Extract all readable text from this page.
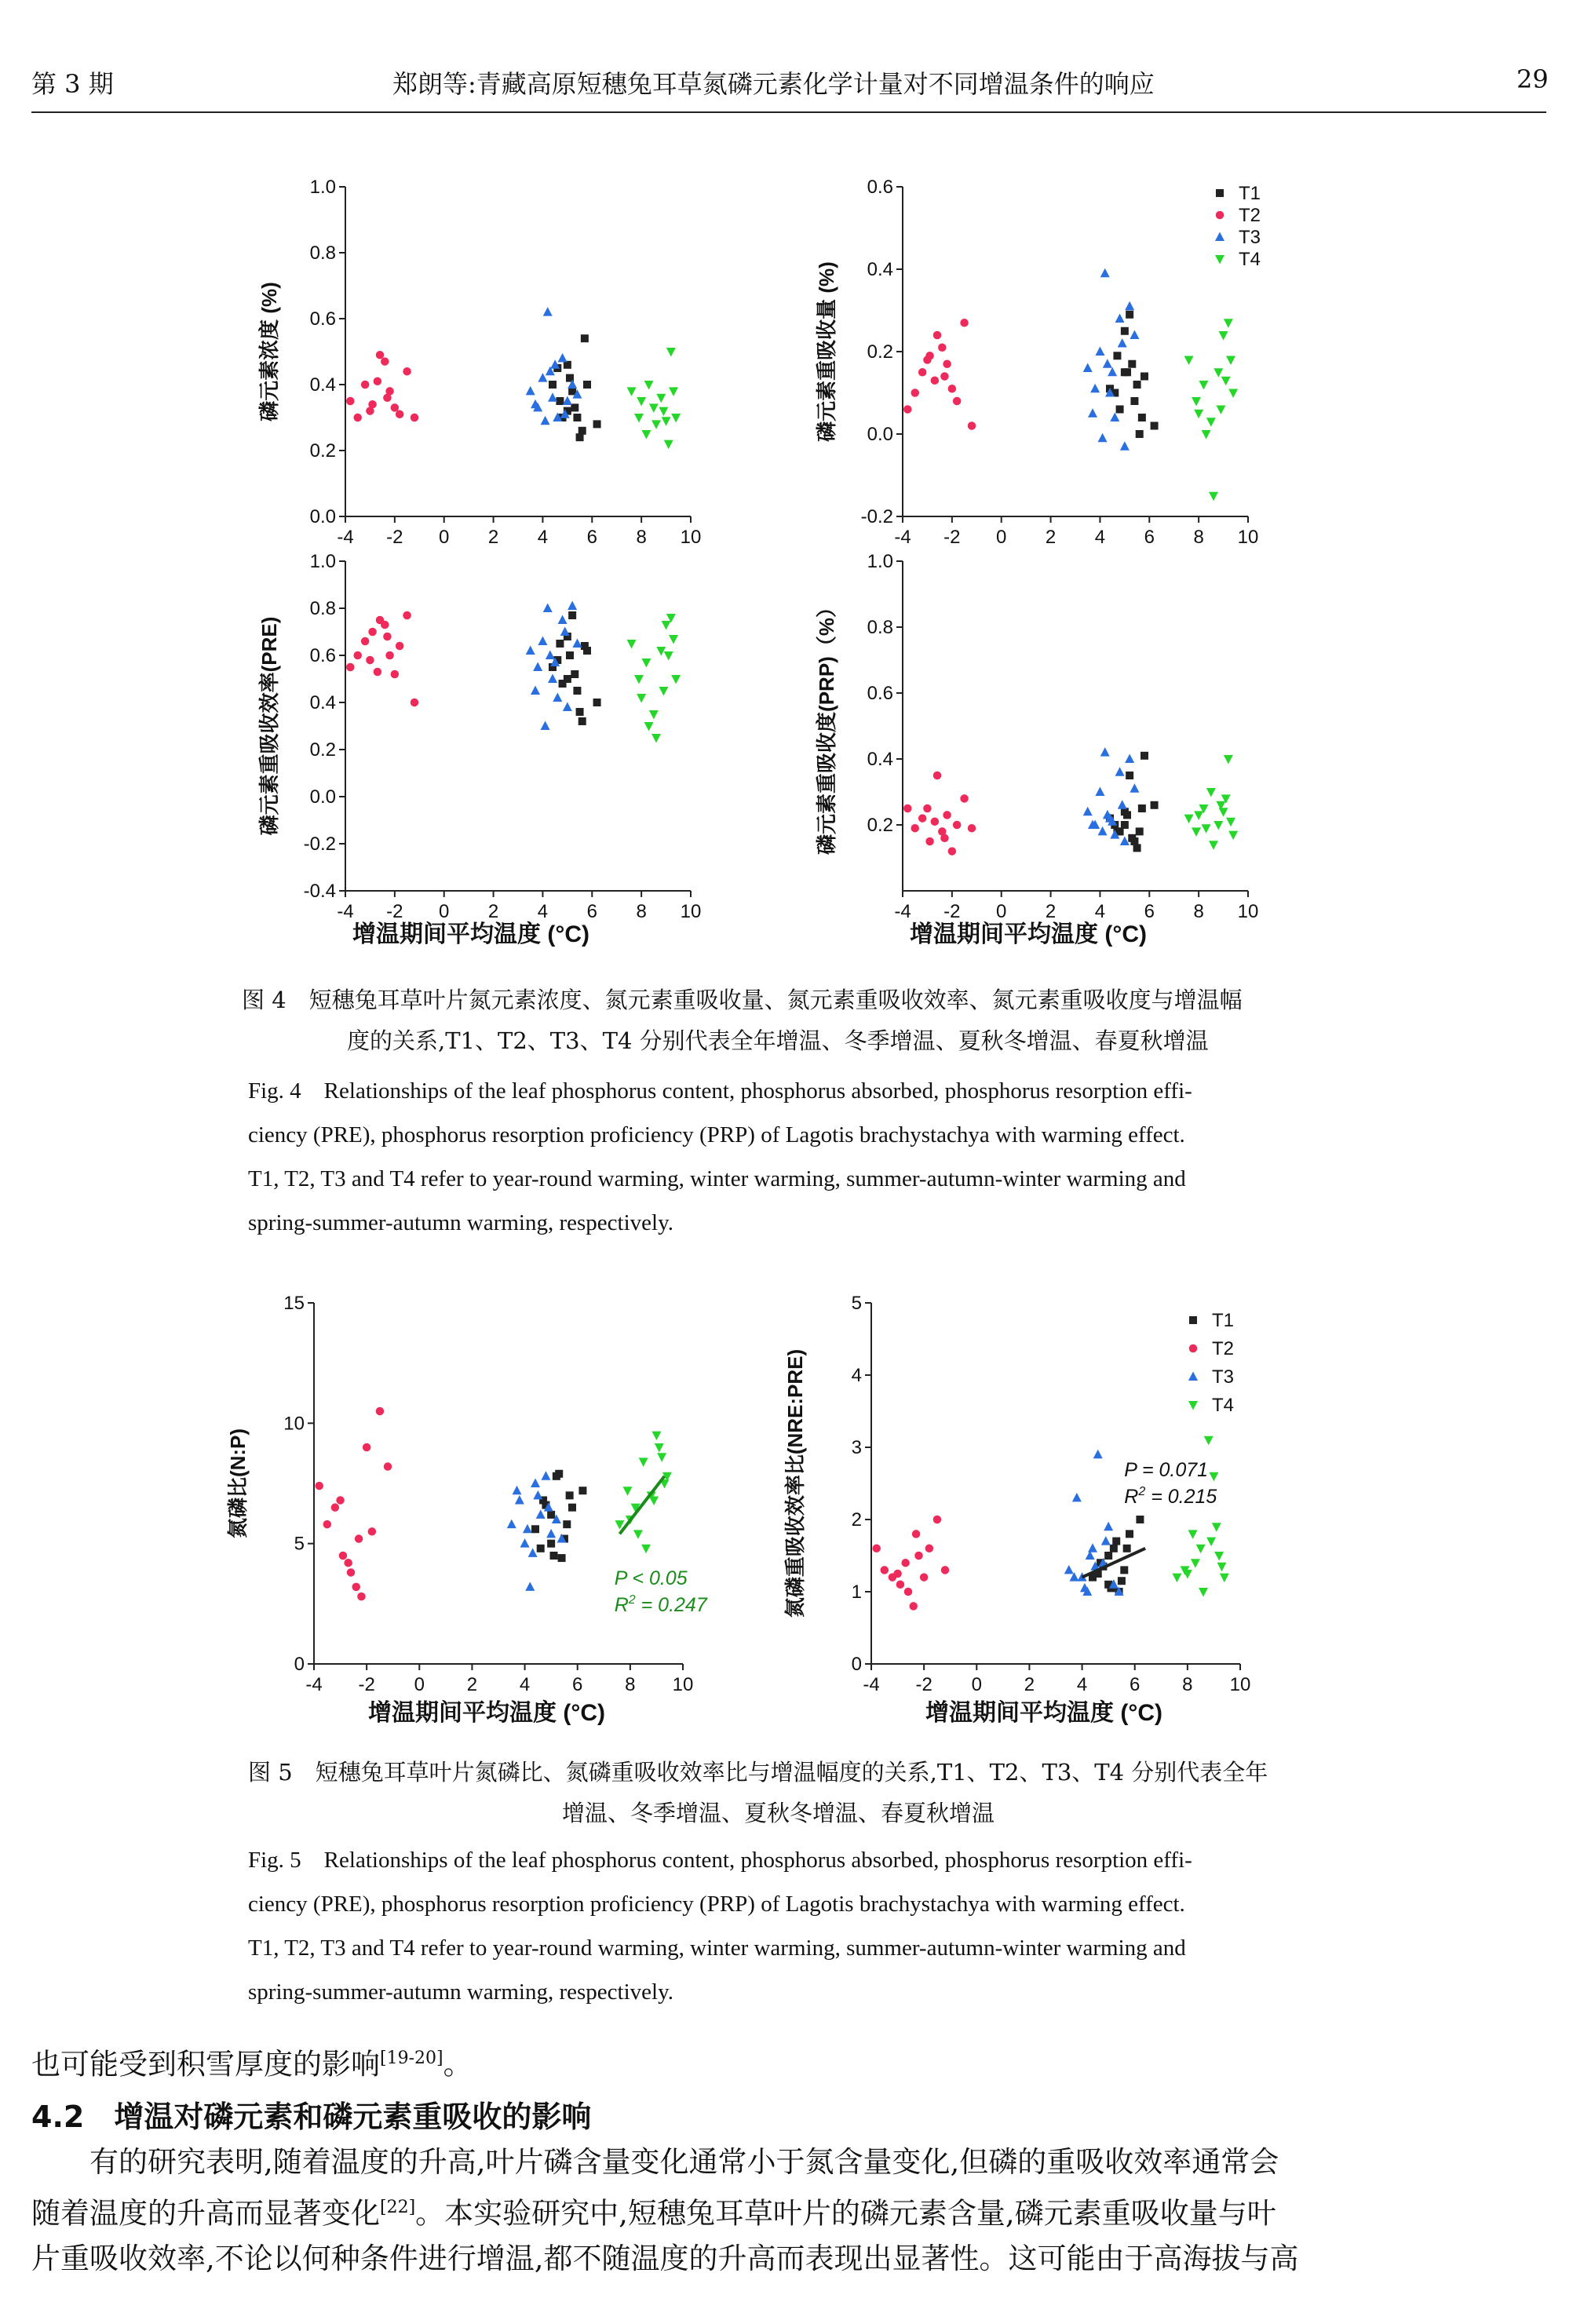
第 3 期	郑朗等:青藏高原短穗兔耳草氮磷元素化学计量对不同增温条件的响应	29
-4 -2 0 2 4 6 8 10
0.0
0.2
0.4
0.6
0.8
1.0
磷元素浓度 (%)
-4 -2 0 2 4 6 8 10
-0.2
0.0
0.2
0.4
0.6
磷元素重吸收量 (%)
-4 -2 0 2 4 6 8 10
-0.4
-0.2
0.0
0.2
0.4
0.6
0.8
1.0
磷元素重吸收效率(PRE)
-4 -2 0 2 4 6 8 10
0.2
0.4
0.6
0.8
1.0
磷元素重吸收度(PRP)（%）
T1
T2
T3
T4
增温期间平均温度 (°C)	增温期间平均温度 (°C)
图 4　短穗兔耳草叶片氮元素浓度、氮元素重吸收量、氮元素重吸收效率、氮元素重吸收度与增温幅
度的关系,T1、T2、T3、T4 分别代表全年增温、冬季增温、夏秋冬增温、春夏秋增温
Fig. 4　Relationships of the leaf phosphorus content, phosphorus absorbed, phosphorus resorption effi-
ciency (PRE), phosphorus resorption proficiency (PRP) of Lagotis brachystachya with warming effect.
T1, T2, T3 and T4 refer to year-round warming, winter warming, summer-autumn-winter warming and
spring-summer-autumn warming, respectively.
-4 -2 0 2 4 6 8 10
0
5
10
15
氮磷比(N:P)
P < 0.05
$R^2 = 0.247$
-4 -2 0 2 4 6 8 10
0
1
2
3
4
5
氮磷重吸收效率比(NRE:PRE)	P = 0.071
$R^2 = 0.215$
T1
T2
T3
T4
增温期间平均温度 (°C)	增温期间平均温度 (°C)
图 5　短穗兔耳草叶片氮磷比、氮磷重吸收效率比与增温幅度的关系,T1、T2、T3、T4 分别代表全年
增温、冬季增温、夏秋冬增温、春夏秋增温
Fig. 5　Relationships of the leaf phosphorus content, phosphorus absorbed, phosphorus resorption effi-
ciency (PRE), phosphorus resorption proficiency (PRP) of Lagotis brachystachya with warming effect.
T1, T2, T3 and T4 refer to year-round warming, winter warming, summer-autumn-winter warming and
spring-summer-autumn warming, respectively.
也可能受到积雪厚度的影响[19-20]。
4.2　增温对磷元素和磷元素重吸收的影响
　　有的研究表明,随着温度的升高,叶片磷含量变化通常小于氮含量变化,但磷的重吸收效率通常会
随着温度的升高而显著变化[22]。本实验研究中,短穗兔耳草叶片的磷元素含量,磷元素重吸收量与叶
片重吸收效率,不论以何种条件进行增温,都不随温度的升高而表现出显著性。这可能由于高海拔与高
